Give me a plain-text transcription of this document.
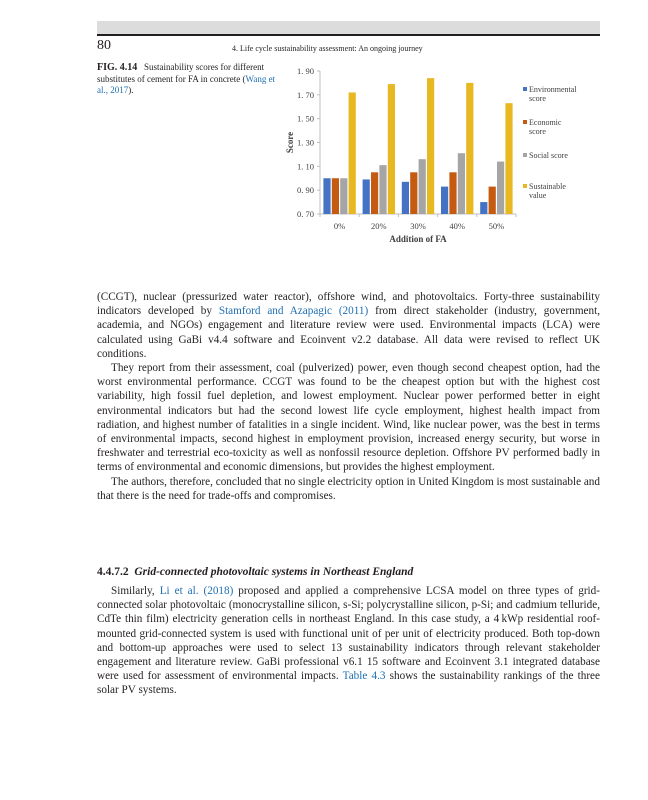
80	4. Life cycle sustainability assessment: An ongoing journey
FIG. 4.14 Sustainability scores for different substitutes of cement for FA in concrete (Wang et al., 2017).
1. 90
1. 70
1. 50
1. 30
1. 10
0. 90
0. 70
0%	20%	30%	40%	50%
Addition of FA
Score
Environmental
score
Economic
score
Social score
Sustainable
value

(CCGT), nuclear (pressurized water reactor), offshore wind, and photovoltaics. Forty-three sustainability indicators developed by Stamford and Azapagic (2011) from direct stakeholder (industry, government, academia, and NGOs) engagement and literature review were used. Environmental impacts (LCA) were calculated using GaBi v4.4 software and Ecoinvent v2.2 database. All data were revised to reflect UK conditions.

They report from their assessment, coal (pulverized) power, even though second cheapest option, had the worst environmental performance. CCGT was found to be the cheapest option but with the highest cost variability, high fossil fuel depletion, and lowest employment. Nuclear power performed better in eight environmental indicators but had the second lowest life cycle employment, highest health impact from radiation, and highest number of fatalities in a single incident. Wind, like nuclear power, was the best in terms of environmental impacts, second highest in employment provision, increased energy security, but worse in freshwater and terrestrial eco-toxicity as well as nonfossil resource depletion. Offshore PV performed badly in terms of environmental and economic dimensions, but provides the highest employment.

The authors, therefore, concluded that no single electricity option in United Kingdom is most sustainable and that there is the need for trade-offs and compromises.

4.4.7.2 Grid-connected photovoltaic systems in Northeast England

Similarly, Li et al. (2018) proposed and applied a comprehensive LCSA model on three types of grid-connected solar photovoltaic (monocrystalline silicon, s-Si; polycrystalline silicon, p-Si; and cadmium telluride, CdTe thin film) electricity generation cells in northeast England. In this case study, a 4 kWp residential roof-mounted grid-connected system is used with functional unit of per unit of electricity produced. Both top-down and bottom-up approaches were used to select 13 sustainability indicators through relevant stakeholder engagement and literature review. GaBi professional v6.1 15 software and Ecoinvent 3.1 integrated database were used for assessment of environmental impacts. Table 4.3 shows the sustainability rankings of the three solar PV systems.
